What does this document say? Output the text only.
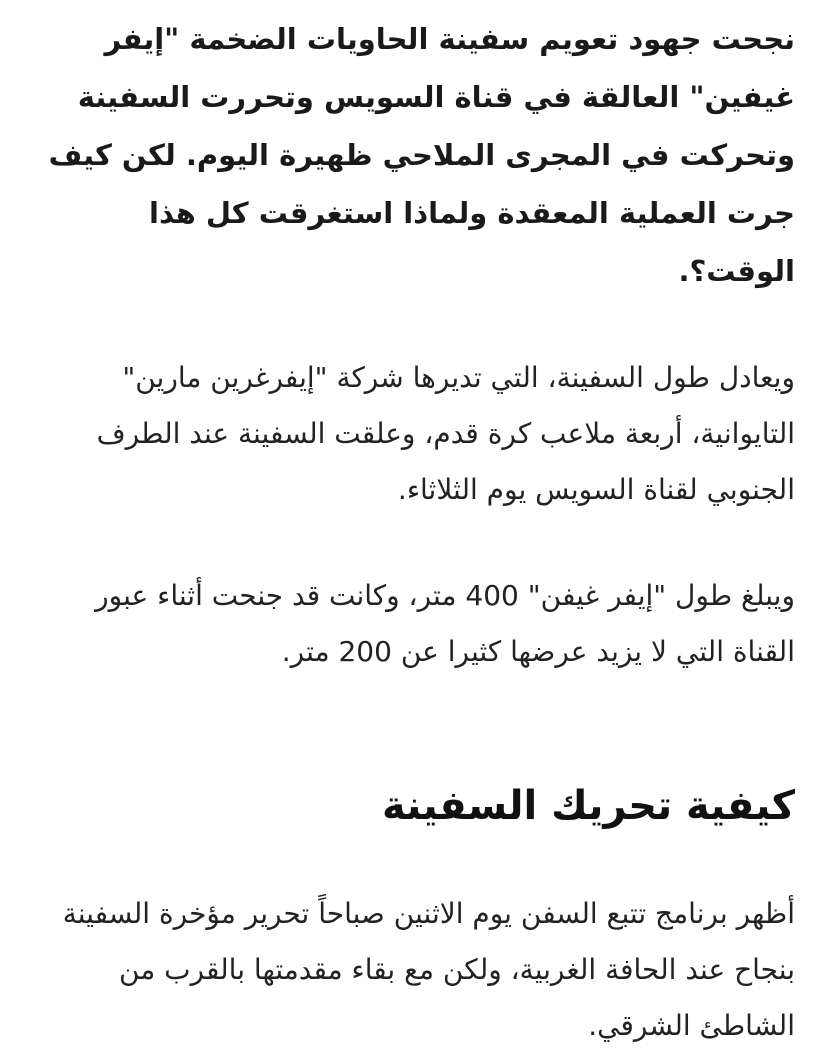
نجحت جهود تعويم سفينة الحاويات الضخمة "إيفر غيفين" العالقة في قناة السويس وتحررت السفينة وتحركت في المجرى الملاحي ظهيرة اليوم. لكن كيف جرت العملية المعقدة ولماذا استغرقت كل هذا الوقت؟.

ويعادل طول السفينة، التي تديرها شركة "إيفرغرين مارين" التايوانية، أربعة ملاعب كرة قدم، وعلقت السفينة عند الطرف الجنوبي لقناة السويس يوم الثلاثاء.

ويبلغ طول "إيفر غيفن" 400 متر، وكانت قد جنحت أثناء عبور القناة التي لا يزيد عرضها كثيرا عن 200 متر.

كيفية تحريك السفينة

أظهر برنامج تتبع السفن يوم الاثنين صباحاً تحرير مؤخرة السفينة بنجاح عند الحافة الغربية، ولكن مع بقاء مقدمتها بالقرب من الشاطئ الشرقي.
